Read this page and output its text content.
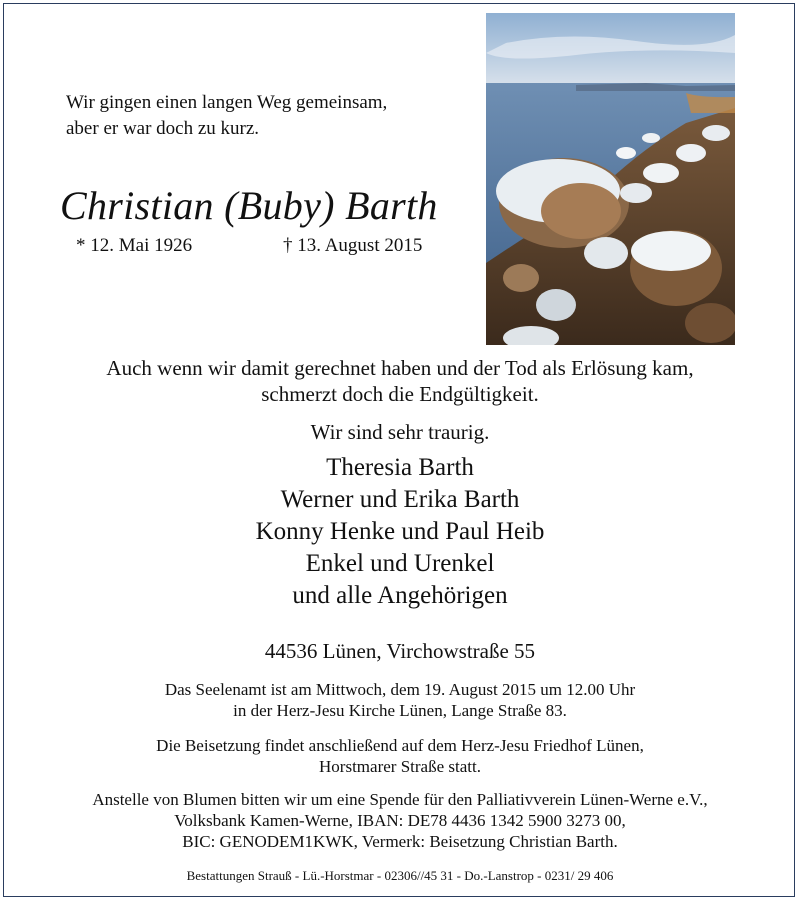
Wir gingen einen langen Weg gemeinsam,
aber er war doch zu kurz.
Christian (Buby) Barth
* 12. Mai 1926	† 13. August 2015
Auch wenn wir damit gerechnet haben und der Tod als Erlösung kam,
schmerzt doch die Endgültigkeit.
Wir sind sehr traurig.
Theresia Barth
Werner und Erika Barth
Konny Henke und Paul Heib
Enkel und Urenkel
und alle Angehörigen
44536 Lünen, Virchowstraße 55
Das Seelenamt ist am Mittwoch, dem 19. August 2015 um 12.00 Uhr
in der Herz-Jesu Kirche Lünen, Lange Straße 83.
Die Beisetzung findet anschließend auf dem Herz-Jesu Friedhof Lünen,
Horstmarer Straße statt.
Anstelle von Blumen bitten wir um eine Spende für den Palliativverein Lünen-Werne e.V.,
Volksbank Kamen-Werne, IBAN: DE78 4436 1342 5900 3273 00,
BIC: GENODEM1KWK, Vermerk: Beisetzung Christian Barth.
Bestattungen Strauß - Lü.-Horstmar - 02306//45 31 - Do.-Lanstrop - 0231/ 29 406
